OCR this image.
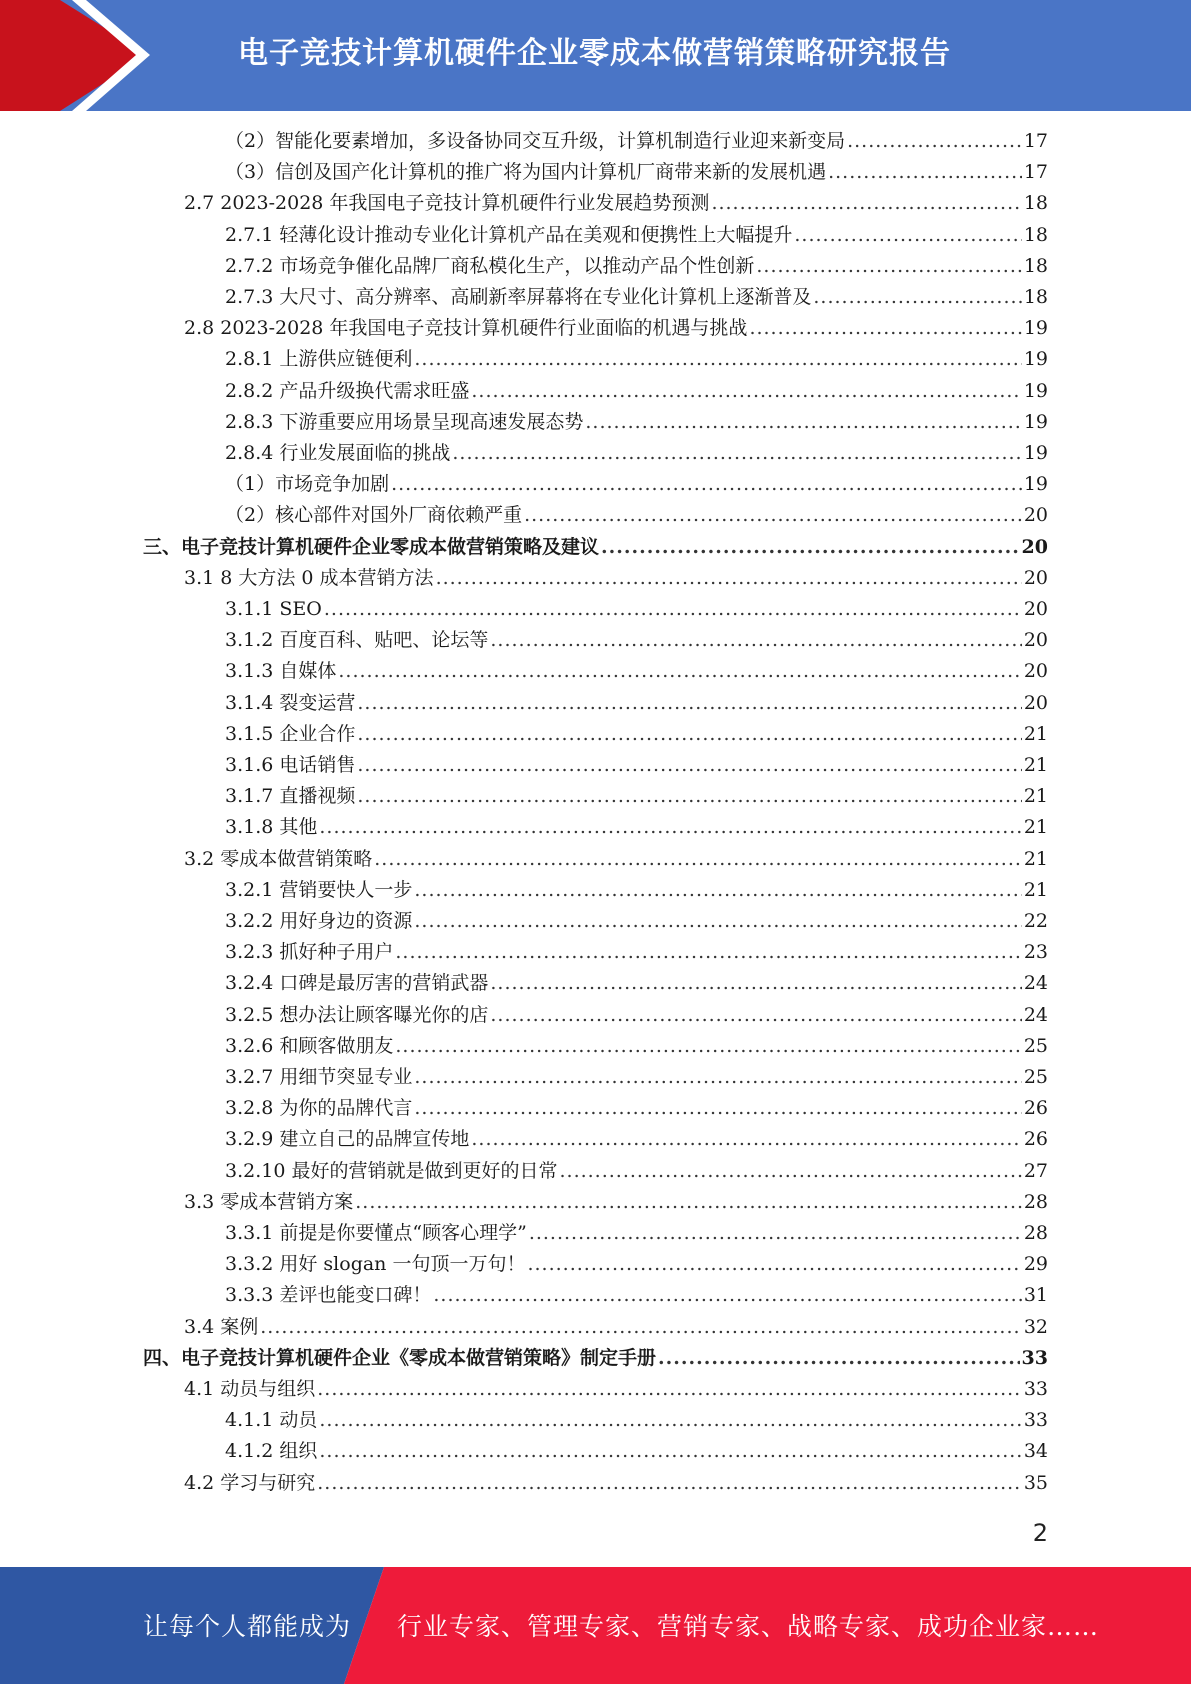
电子竞技计算机硬件企业零成本做营销策略研究报告
（2）智能化要素增加，多设备协同交互升级，计算机制造行业迎来新变局 .....	17
（3）信创及国产化计算机的推广将为国内计算机厂商带来新的发展机遇 .....	17
2.7 2023-2028 年我国电子竞技计算机硬件行业发展趋势预测 .....	18
2.7.1 轻薄化设计推动专业化计算机产品在美观和便携性上大幅提升 .....	18
2.7.2 市场竞争催化品牌厂商私模化生产，以推动产品个性创新 .....	18
2.7.3 大尺寸、高分辨率、高刷新率屏幕将在专业化计算机上逐渐普及 .....	18
2.8 2023-2028 年我国电子竞技计算机硬件行业面临的机遇与挑战 .....	19
2.8.1 上游供应链便利 .....	19
2.8.2 产品升级换代需求旺盛 .....	19
2.8.3 下游重要应用场景呈现高速发展态势 .....	19
2.8.4 行业发展面临的挑战 .....	19
（1）市场竞争加剧 .....	19
（2）核心部件对国外厂商依赖严重 .....	20
三、电子竞技计算机硬件企业零成本做营销策略及建议 .....	20
3.1 8 大方法 0 成本营销方法 .....	20
3.1.1 SEO .....	20
3.1.2 百度百科、贴吧、论坛等 .....	20
3.1.3 自媒体 .....	20
3.1.4 裂变运营 .....	20
3.1.5 企业合作 .....	21
3.1.6 电话销售 .....	21
3.1.7 直播视频 .....	21
3.1.8 其他 .....	21
3.2 零成本做营销策略 .....	21
3.2.1 营销要快人一步 .....	21
3.2.2 用好身边的资源 .....	22
3.2.3 抓好种子用户 .....	23
3.2.4 口碑是最厉害的营销武器 .....	24
3.2.5 想办法让顾客曝光你的店 .....	24
3.2.6 和顾客做朋友 .....	25
3.2.7 用细节突显专业 .....	25
3.2.8 为你的品牌代言 .....	26
3.2.9 建立自己的品牌宣传地 .....	26
3.2.10 最好的营销就是做到更好的日常 .....	27
3.3 零成本营销方案 .....	28
3.3.1 前提是你要懂点“顾客心理学” .....	28
3.3.2 用好 slogan 一句顶一万句！ .....	29
3.3.3 差评也能变口碑！ .....	31
3.4 案例 .....	32
四、电子竞技计算机硬件企业《零成本做营销策略》制定手册 .....	33
4.1 动员与组织 .....	33
4.1.1 动员 .....	33
4.1.2 组织 .....	34
4.2 学习与研究 .....	35
2
让每个人都能成为 行业专家、管理专家、营销专家、战略专家、成功企业家……
